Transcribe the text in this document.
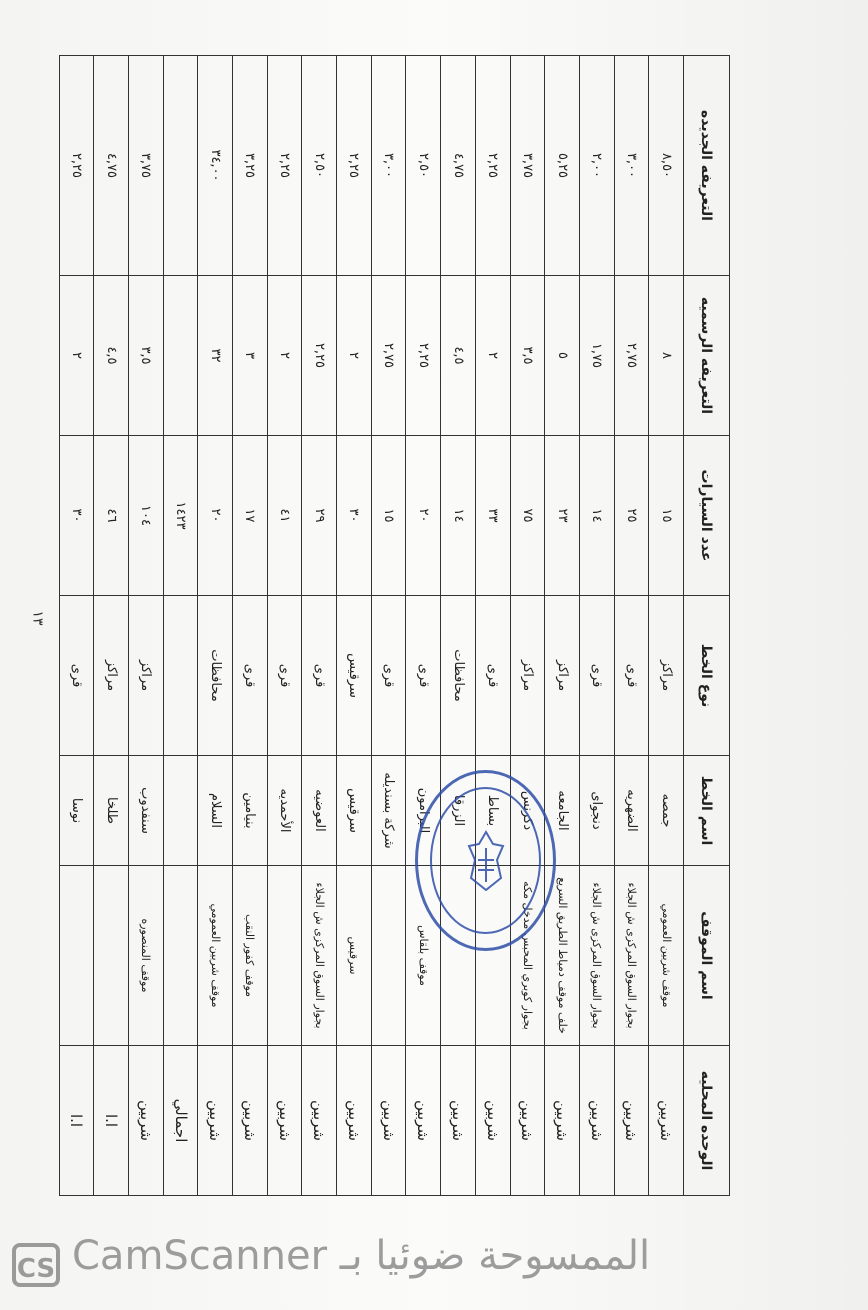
الوحده المحليه	اسم الموقف	اسم الخط	نوع الخط	عدد السيارات	التعريفه الرسميه	التعريفه الجديده
شربين	موقف شربين العمومي	جمصه	مراكز	١٥	٨	٨,٥٠
شربين	بجوار السوق المركزى ش الجلاء	الضهريه	قرى	٢٥	٢,٧٥	٣,٠٠
شربين	بجوار السوق المركزى ش الجلاء	دنجواى	قرى	١٤	١,٧٥	٢,٠٠
شربين	خلف موقف دمياط الطريق السريع	الجامعه	مراكز	٢٣	٥	٥,٢٥
شربين	بجوار كوبري المحبس مدخل مكه	دكرنس	مراكز	٧٥	٣,٥	٣,٧٥
شربين		بساط	قرى	٣٣	٢	٢,٢٥
شربين		الزرقا	محافظات	١٤	٤,٥	٤,٧٥
شربين	موقف بلقاس	البرامون	قرى	٢٠	٢,٢٥	٢,٥٠
شربين		شركة بسنديله	قرى	١٥	٢,٧٥	٣,٠٠
شربين	سرقيس	سرقيس	سرقيس	٣٠	٢	٢,٢٥
شربين	بجوار السوق المركزى ش الجلاء	العوضيه	قرى	٢٩	٢,٢٥	٢,٥٠
شربين		الأحمديه	قرى	٤١	٢	٢,٢٥
شربين	موقف كفور النقب	بنيامين	قرى	١٧	٣	٣,٢٥
شربين	موقف شربين العمومي	السلام	محافظات	٢٠	٣٢	٣٤,٠٠
اجمالي				١٤٢٣		
شربين	موقف المنصوره	سنفدوب	مراكز	١٠٤	٣,٥	٣,٧٥
ا.ا		طلخا	مراكز	٤٦	٤,٥	٤,٧٥
ا.ا		نوسا	قرى	٣٠	٢	٢,٢٥
١٣
CS الممسوحة ضوئيا بـ CamScanner
